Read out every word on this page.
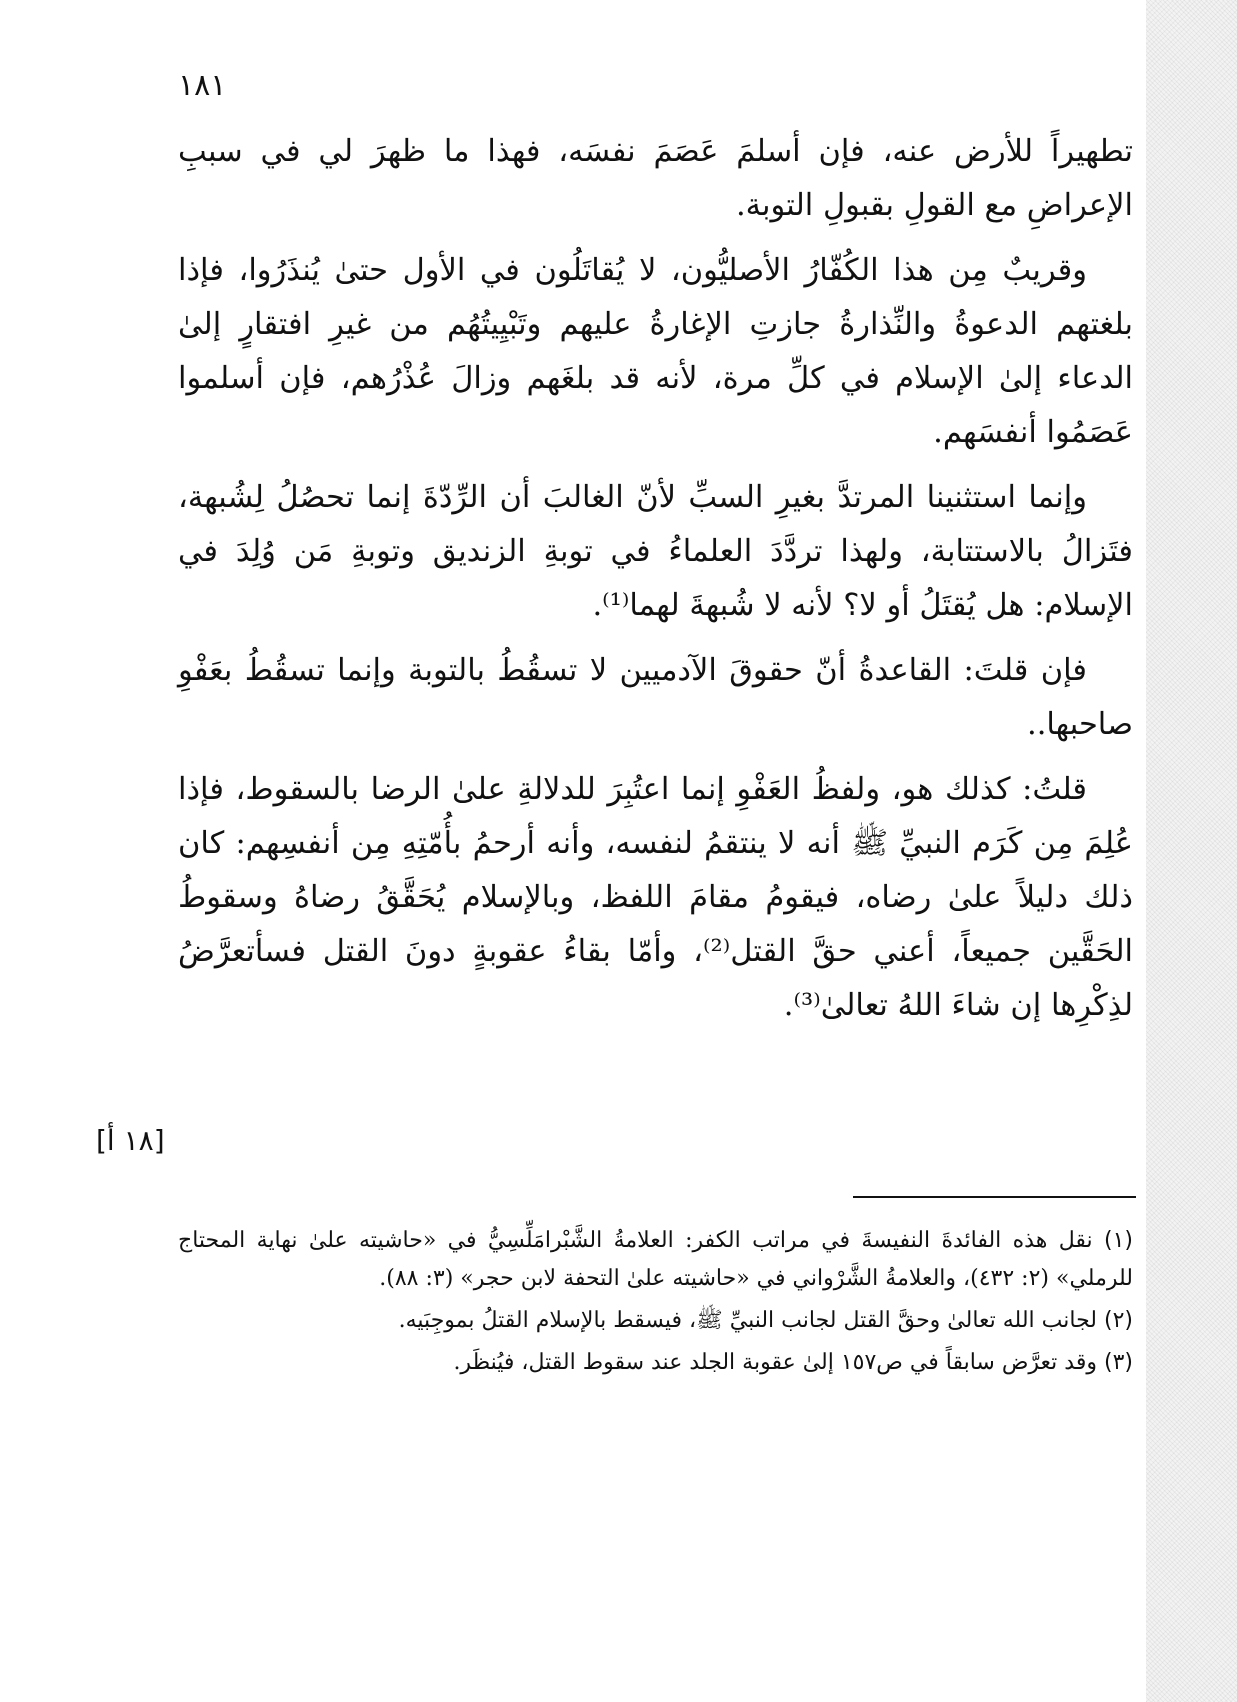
١٨١

تطهيراً للأرض عنه، فإن أسلمَ عَصَمَ نفسَه، فهذا ما ظهرَ لي في سببِ الإعراضِ مع القولِ بقبولِ التوبة.

وقريبٌ مِن هذا الكُفّارُ الأصليُّون، لا يُقاتَلُون في الأول حتىٰ يُنذَرُوا، فإذا بلغتهم الدعوةُ والنِّذارةُ جازتِ الإغارةُ عليهم وتَبْيِيتُهُم من غيرِ افتقارٍ إلىٰ الدعاء إلىٰ الإسلام في كلِّ مرة، لأنه قد بلغَهم وزالَ عُذْرُهم، فإن أسلموا عَصَمُوا أنفسَهم.

وإنما استثنينا المرتدَّ بغيرِ السبِّ لأنّ الغالبَ أن الرِّدّةَ إنما تحصُلُ لِشُبهة، فتَزالُ بالاستتابة، ولهذا تردَّدَ العلماءُ في توبةِ الزنديق وتوبةِ مَن وُلِدَ في الإسلام: هل يُقتَلُ أو لا؟ لأنه لا شُبهةَ لهما⁽¹⁾.

فإن قلتَ: القاعدةُ أنّ حقوقَ الآدميين لا تسقُطُ بالتوبة وإنما تسقُطُ بعَفْوِ صاحبها..

قلتُ: كذلك هو، ولفظُ العَفْوِ إنما اعتُبِرَ للدلالةِ علىٰ الرضا بالسقوط، فإذا عُلِمَ مِن كَرَم النبيِّ ﷺ أنه لا ينتقمُ لنفسه، وأنه أرحمُ بأُمّتِهِ مِن أنفسِهم: كان ذلك دليلاً علىٰ رضاه، فيقومُ مقامَ اللفظ، وبالإسلام يُحَقَّقُ رضاهُ وسقوطُ الحَقَّين جميعاً، أعني حقَّ القتل⁽²⁾، وأمّا بقاءُ عقوبةٍ دونَ القتل فسأتعرَّضُ لذِكْرِها إن شاءَ اللهُ تعالىٰ⁽³⁾.

[١٨ أ]

(١) نقل هذه الفائدةَ النفيسةَ في مراتب الكفر: العلامةُ الشَّبْرامَلِّسِيُّ في «حاشيته علىٰ نهاية المحتاج للرملي» (٢: ٤٣٢)، والعلامةُ الشَّرْواني في «حاشيته علىٰ التحفة لابن حجر» (٣: ٨٨).

(٢) لجانب الله تعالىٰ وحقَّ القتل لجانب النبيِّ ﷺ، فيسقط بالإسلام القتلُ بموجِبَيه.

(٣) وقد تعرَّض سابقاً في ص١٥٧ إلىٰ عقوبة الجلد عند سقوط القتل، فيُنظَر.
